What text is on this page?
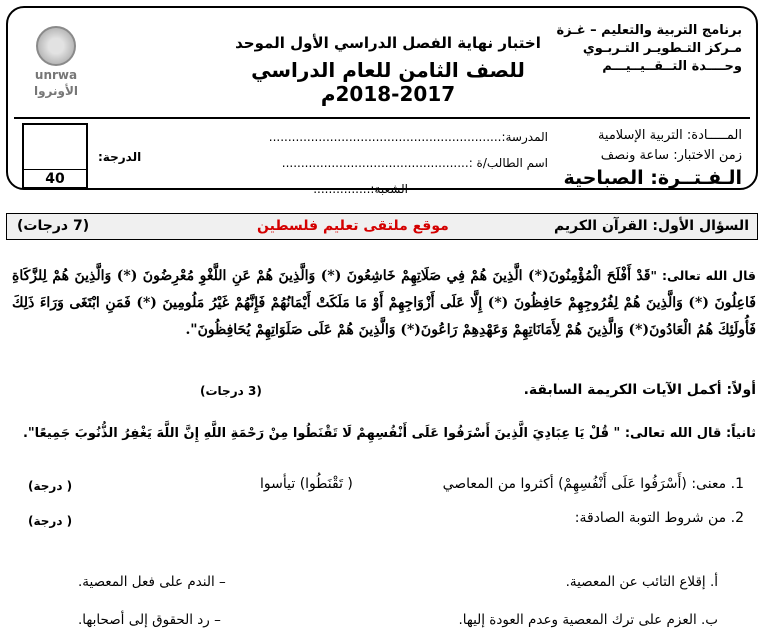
برنامج التربية والتعليم – غـزة
مـركز التـطويـر التـربـوي
وحــــدة التــقــيــيـــم
اختبار نهاية الفصل الدراسي الأول الموحد
للصف الثامن للعام الدراسي 2017-2018م
unrwa
الأونروا
المـــــادة: التربية الإسلامية
زمن الاختبار: ساعة ونصف
الـفـتــرة: الصباحية
المدرسة:.............................................................
اسم الطالب/ة :.................................................
الشعبة:...............
الدرجة:
40
السؤال الأول: القرآن الكريم
موقع ملتقى تعليم فلسطين
(7 درجات)
قال الله تعالى: "قَدْ أَفْلَحَ الْمُؤْمِنُونَ(*) الَّذِينَ هُمْ فِي صَلَاتِهِمْ خَاشِعُونَ (*) وَالَّذِينَ هُمْ عَنِ اللَّغْوِ مُعْرِضُونَ (*) وَالَّذِينَ هُمْ لِلزَّكَاةِ فَاعِلُونَ (*) وَالَّذِينَ هُمْ لِفُرُوجِهِمْ حَافِظُونَ (*) إِلَّا عَلَى أَزْوَاجِهِمْ أَوْ مَا مَلَكَتْ أَيْمَانُهُمْ فَإِنَّهُمْ غَيْرُ مَلُومِينَ (*) فَمَنِ ابْتَغَى وَرَاءَ ذَلِكَ فَأُولَئِكَ هُمُ الْعَادُونَ(*) وَالَّذِينَ هُمْ لِأَمَانَاتِهِمْ وَعَهْدِهِمْ رَاعُونَ(*) وَالَّذِينَ هُمْ عَلَى صَلَوَاتِهِمْ يُحَافِظُونَ".
أولاً: أكمل الآيات الكريمة السابقة.
(3 درجات)
ثانياً: قال الله تعالى: " قُلْ يَا عِبَادِيَ الَّذِينَ أَسْرَفُوا عَلَى أَنْفُسِهِمْ لَا تَقْنَطُوا مِنْ رَحْمَةِ اللَّهِ إِنَّ اللَّهَ يَغْفِرُ الذُّنُوبَ جَمِيعًا".
1. معنى: (أَسْرَفُوا عَلَى أَنْفُسِهِمْ) أكثروا من المعاصي
( تَقْنَطُوا) تيأسوا
( درجة)
2. من شروط التوبة الصادقة:
( درجة)
أ. إقلاع التائب عن المعصية.
ب. العزم على ترك المعصية وعدم العودة إليها.
– الندم على فعل المعصية.
– رد الحقوق إلى أصحابها.
